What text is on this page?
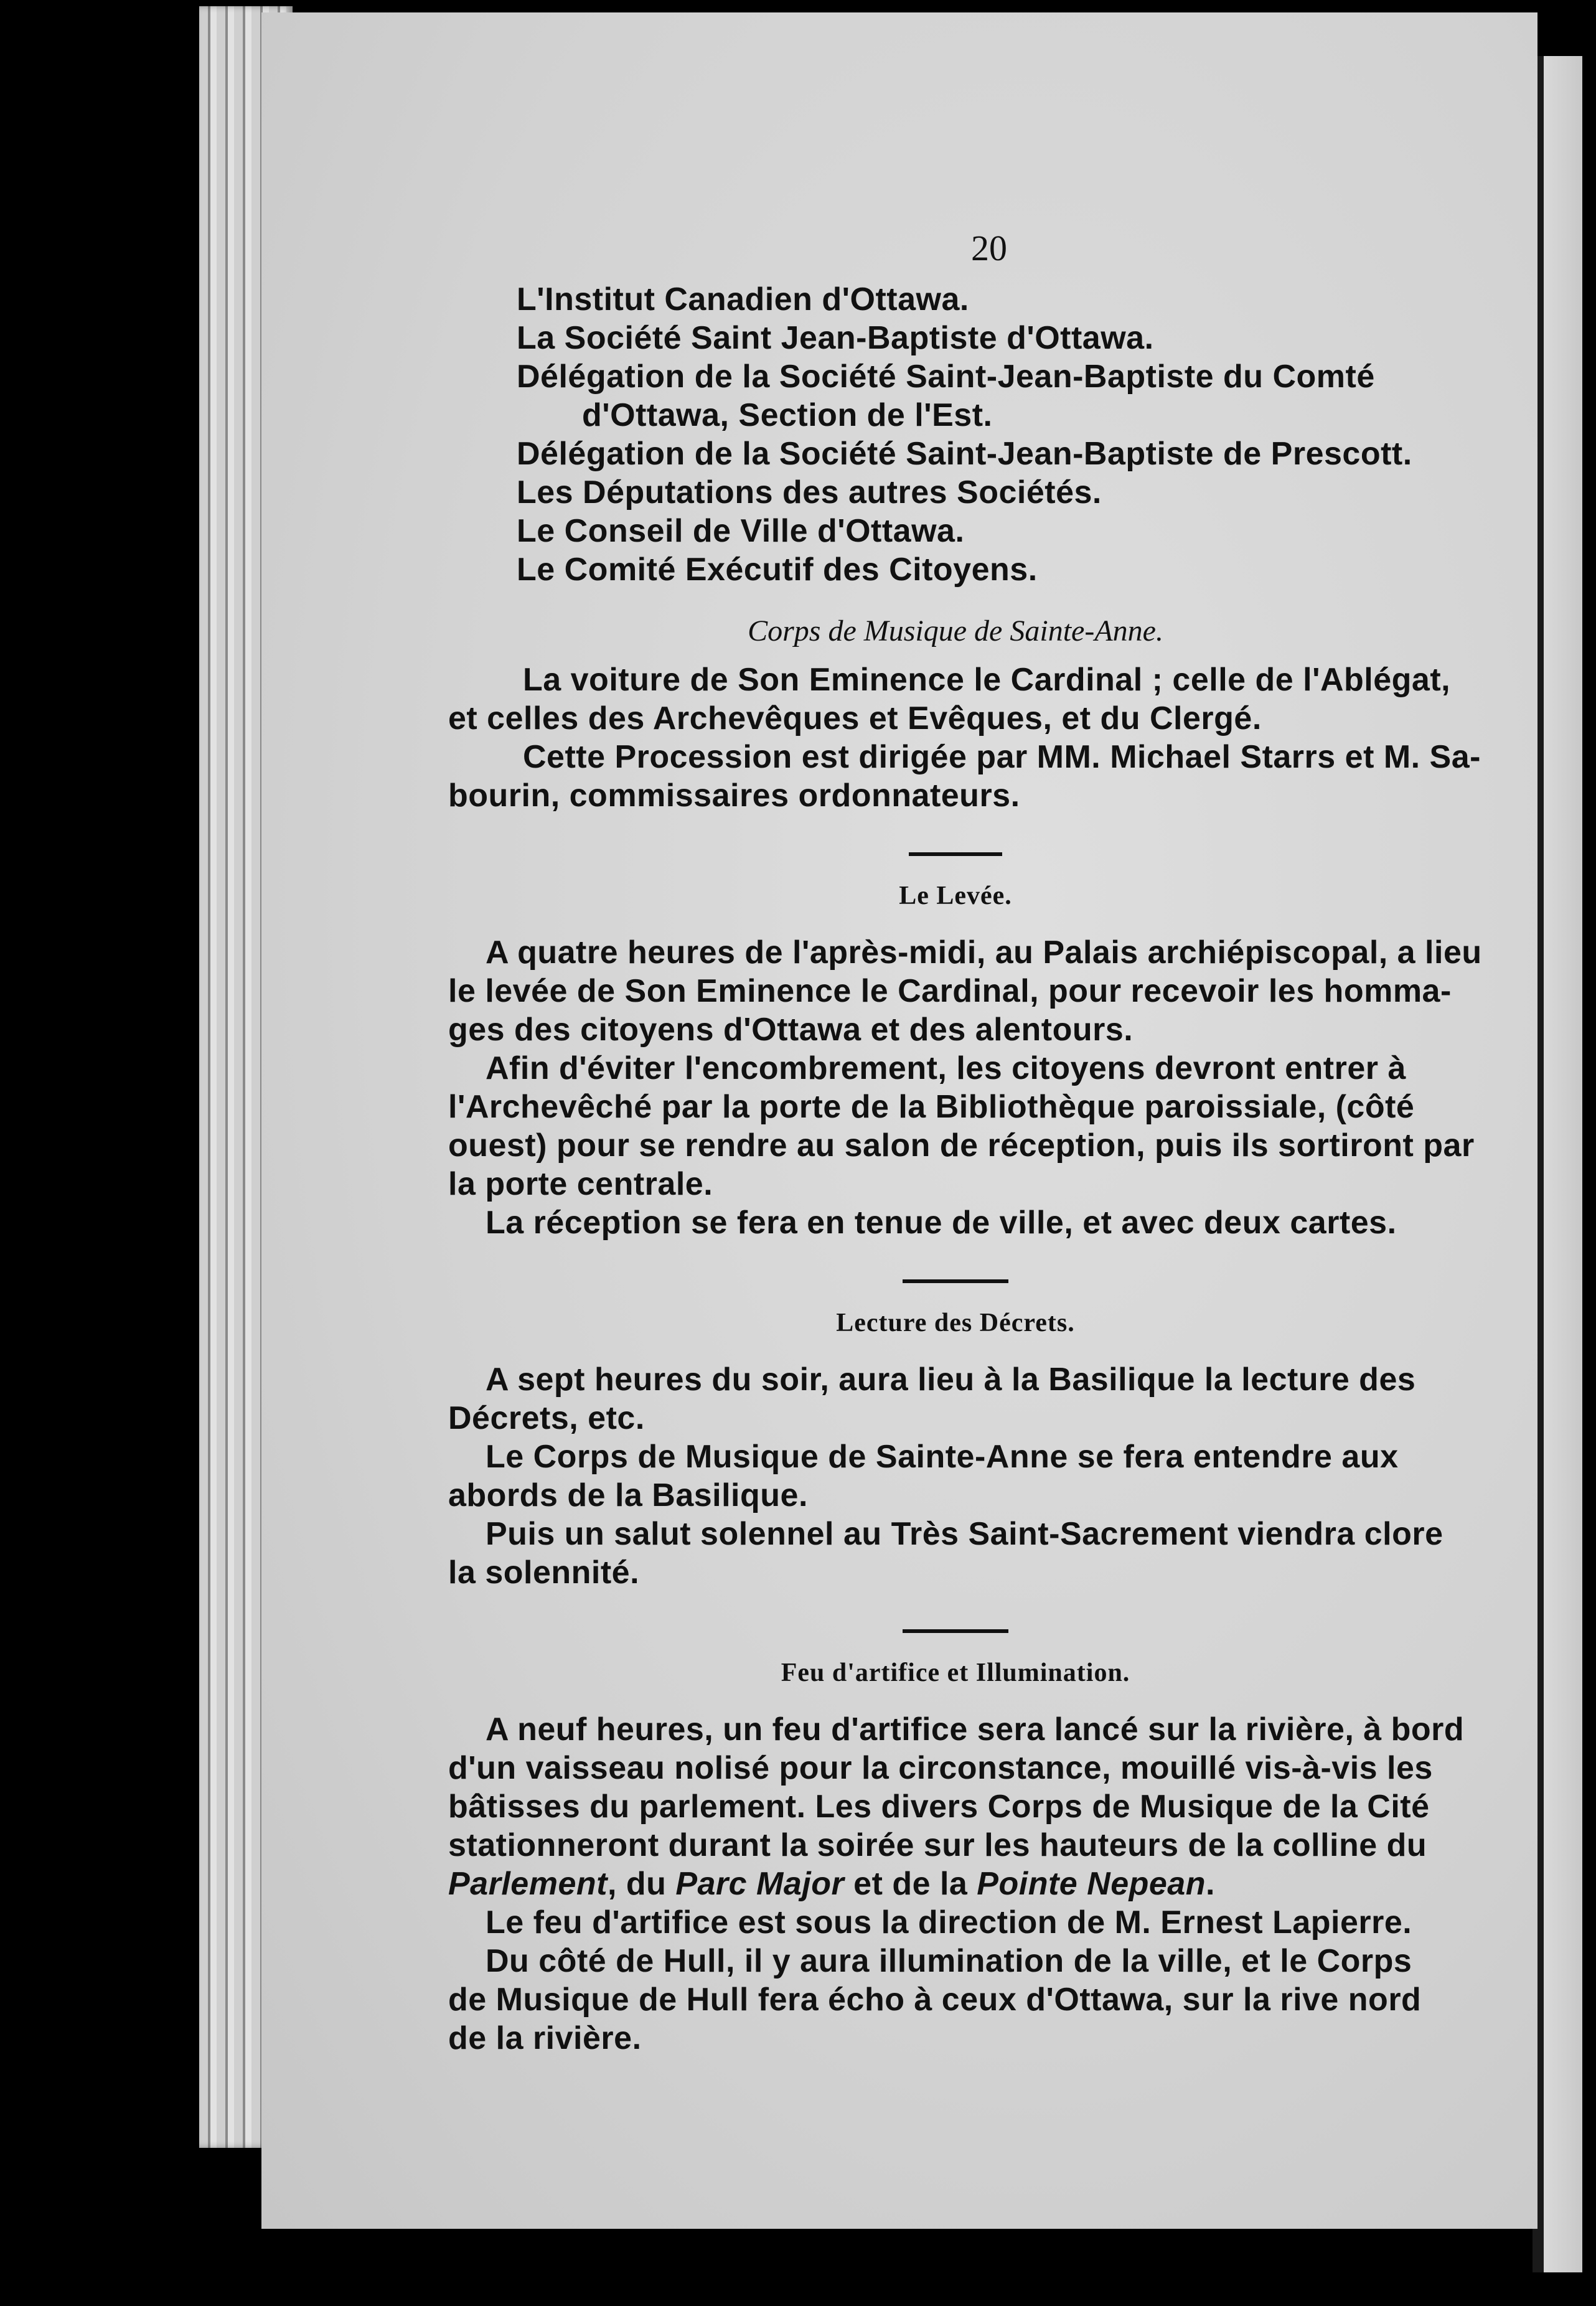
20
L'Institut Canadien d'Ottawa.
La Société Saint Jean-Baptiste d'Ottawa.
Délégation de la Société Saint-Jean-Baptiste du Comté
d'Ottawa, Section de l'Est.
Délégation de la Société Saint-Jean-Baptiste de Prescott.
Les Députations des autres Sociétés.
Le Conseil de Ville d'Ottawa.
Le Comité Exécutif des Citoyens.
Corps de Musique de Sainte-Anne.
La voiture de Son Eminence le Cardinal ; celle de l'Ablégat,
et celles des Archevêques et Evêques, et du Clergé.
Cette Procession est dirigée par MM. Michael Starrs et M. Sa-
bourin, commissaires ordonnateurs.
Le Levée.
A quatre heures de l'après-midi, au Palais archiépiscopal, a lieu
le levée de Son Eminence le Cardinal, pour recevoir les homma-
ges des citoyens d'Ottawa et des alentours.
Afin d'éviter l'encombrement, les citoyens devront entrer à
l'Archevêché par la porte de la Bibliothèque paroissiale, (côté
ouest) pour se rendre au salon de réception, puis ils sortiront par
la porte centrale.
La réception se fera en tenue de ville, et avec deux cartes.
Lecture des Décrets.
A sept heures du soir, aura lieu à la Basilique la lecture des
Décrets, etc.
Le Corps de Musique de Sainte-Anne se fera entendre aux
abords de la Basilique.
Puis un salut solennel au Très Saint-Sacrement viendra clore
la solennité.
Feu d'artifice et Illumination.
A neuf heures, un feu d'artifice sera lancé sur la rivière, à bord
d'un vaisseau nolisé pour la circonstance, mouillé vis-à-vis les
bâtisses du parlement. Les divers Corps de Musique de la Cité
stationneront durant la soirée sur les hauteurs de la colline du
Parlement, du Parc Major et de la Pointe Nepean.
Le feu d'artifice est sous la direction de M. Ernest Lapierre.
Du côté de Hull, il y aura illumination de la ville, et le Corps
de Musique de Hull fera écho à ceux d'Ottawa, sur la rive nord
de la rivière.
